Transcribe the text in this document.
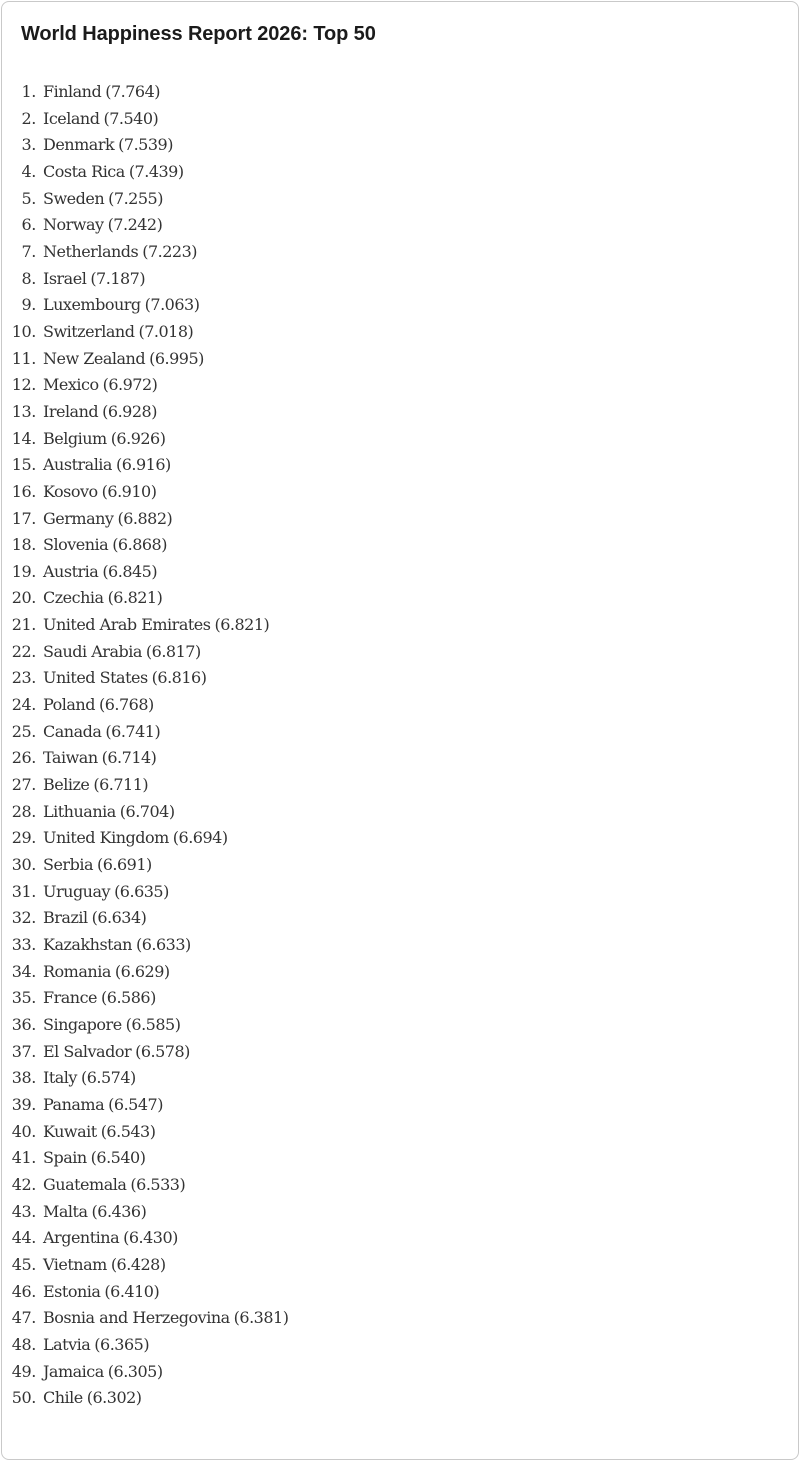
World Happiness Report 2026: Top 50
1. Finland (7.764)
2. Iceland (7.540)
3. Denmark (7.539)
4. Costa Rica (7.439)
5. Sweden (7.255)
6. Norway (7.242)
7. Netherlands (7.223)
8. Israel (7.187)
9. Luxembourg (7.063)
10. Switzerland (7.018)
11. New Zealand (6.995)
12. Mexico (6.972)
13. Ireland (6.928)
14. Belgium (6.926)
15. Australia (6.916)
16. Kosovo (6.910)
17. Germany (6.882)
18. Slovenia (6.868)
19. Austria (6.845)
20. Czechia (6.821)
21. United Arab Emirates (6.821)
22. Saudi Arabia (6.817)
23. United States (6.816)
24. Poland (6.768)
25. Canada (6.741)
26. Taiwan (6.714)
27. Belize (6.711)
28. Lithuania (6.704)
29. United Kingdom (6.694)
30. Serbia (6.691)
31. Uruguay (6.635)
32. Brazil (6.634)
33. Kazakhstan (6.633)
34. Romania (6.629)
35. France (6.586)
36. Singapore (6.585)
37. El Salvador (6.578)
38. Italy (6.574)
39. Panama (6.547)
40. Kuwait (6.543)
41. Spain (6.540)
42. Guatemala (6.533)
43. Malta (6.436)
44. Argentina (6.430)
45. Vietnam (6.428)
46. Estonia (6.410)
47. Bosnia and Herzegovina (6.381)
48. Latvia (6.365)
49. Jamaica (6.305)
50. Chile (6.302)
